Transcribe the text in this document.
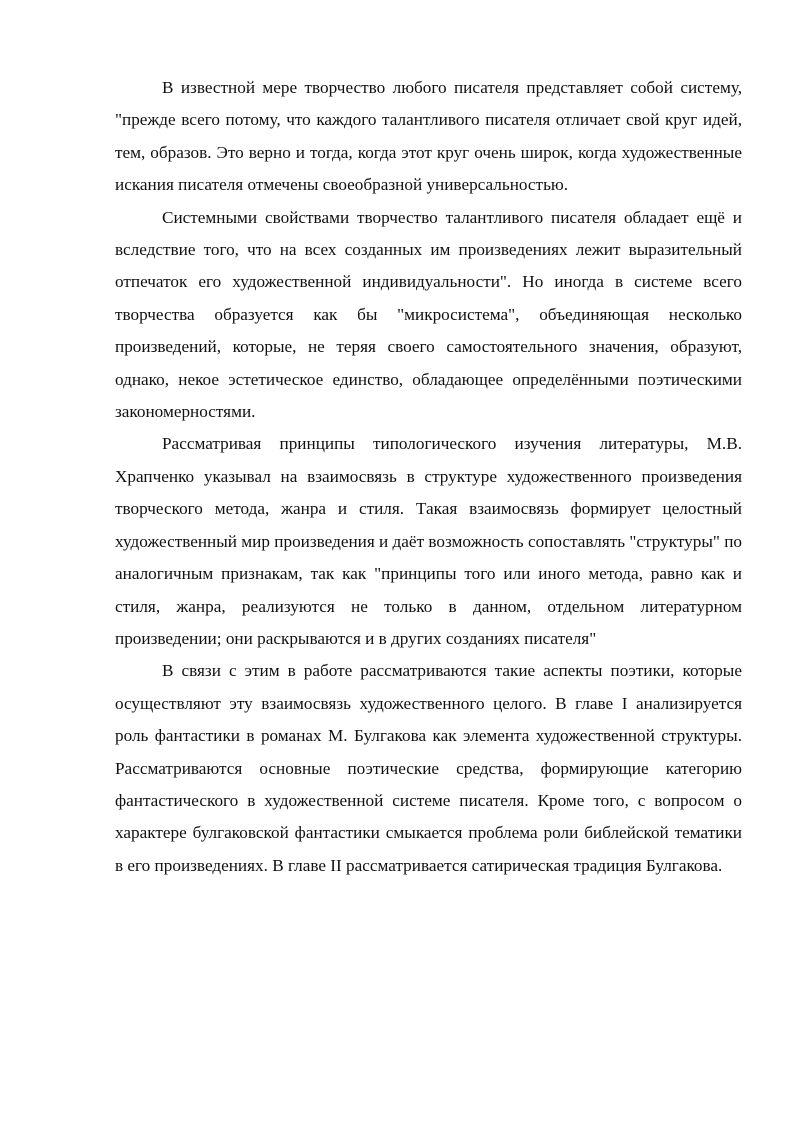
В известной мере творчество любого писателя представляет собой систему, "прежде всего потому, что каждого талантливого писателя отличает свой круг идей, тем, образов. Это верно и тогда, когда этот круг очень широк, когда художественные искания писателя отмечены своеобразной универсальностью.

Системными свойствами творчество талантливого писателя обладает ещё и вследствие того, что на всех созданных им произведениях лежит выразительный отпечаток его художественной индивидуальности". Но иногда в системе всего творчества образуется как бы "микросистема", объединяющая несколько произведений, которые, не теряя своего самостоятельного значения, образуют, однако, некое эстетическое единство, обладающее определёнными поэтическими закономерностями.

Рассматривая принципы типологического изучения литературы, М.В. Храпченко указывал на взаимосвязь в структуре художественного произведения творческого метода, жанра и стиля. Такая взаимосвязь формирует целостный художественный мир произведения и даёт возможность сопоставлять "структуры" по аналогичным признакам, так как "принципы того или иного метода, равно как и стиля, жанра, реализуются не только в данном, отдельном литературном произведении; они раскрываются и в других созданиях писателя"

В связи с этим в работе рассматриваются такие аспекты поэтики, которые осуществляют эту взаимосвязь художественного целого. В главе I анализируется роль фантастики в романах М. Булгакова как элемента художественной структуры. Рассматриваются основные поэтические средства, формирующие категорию фантастического в художественной системе писателя. Кроме того, с вопросом о характере булгаковской фантастики смыкается проблема роли библейской тематики в его произведениях. В главе II рассматривается сатирическая традиция Булгакова.
